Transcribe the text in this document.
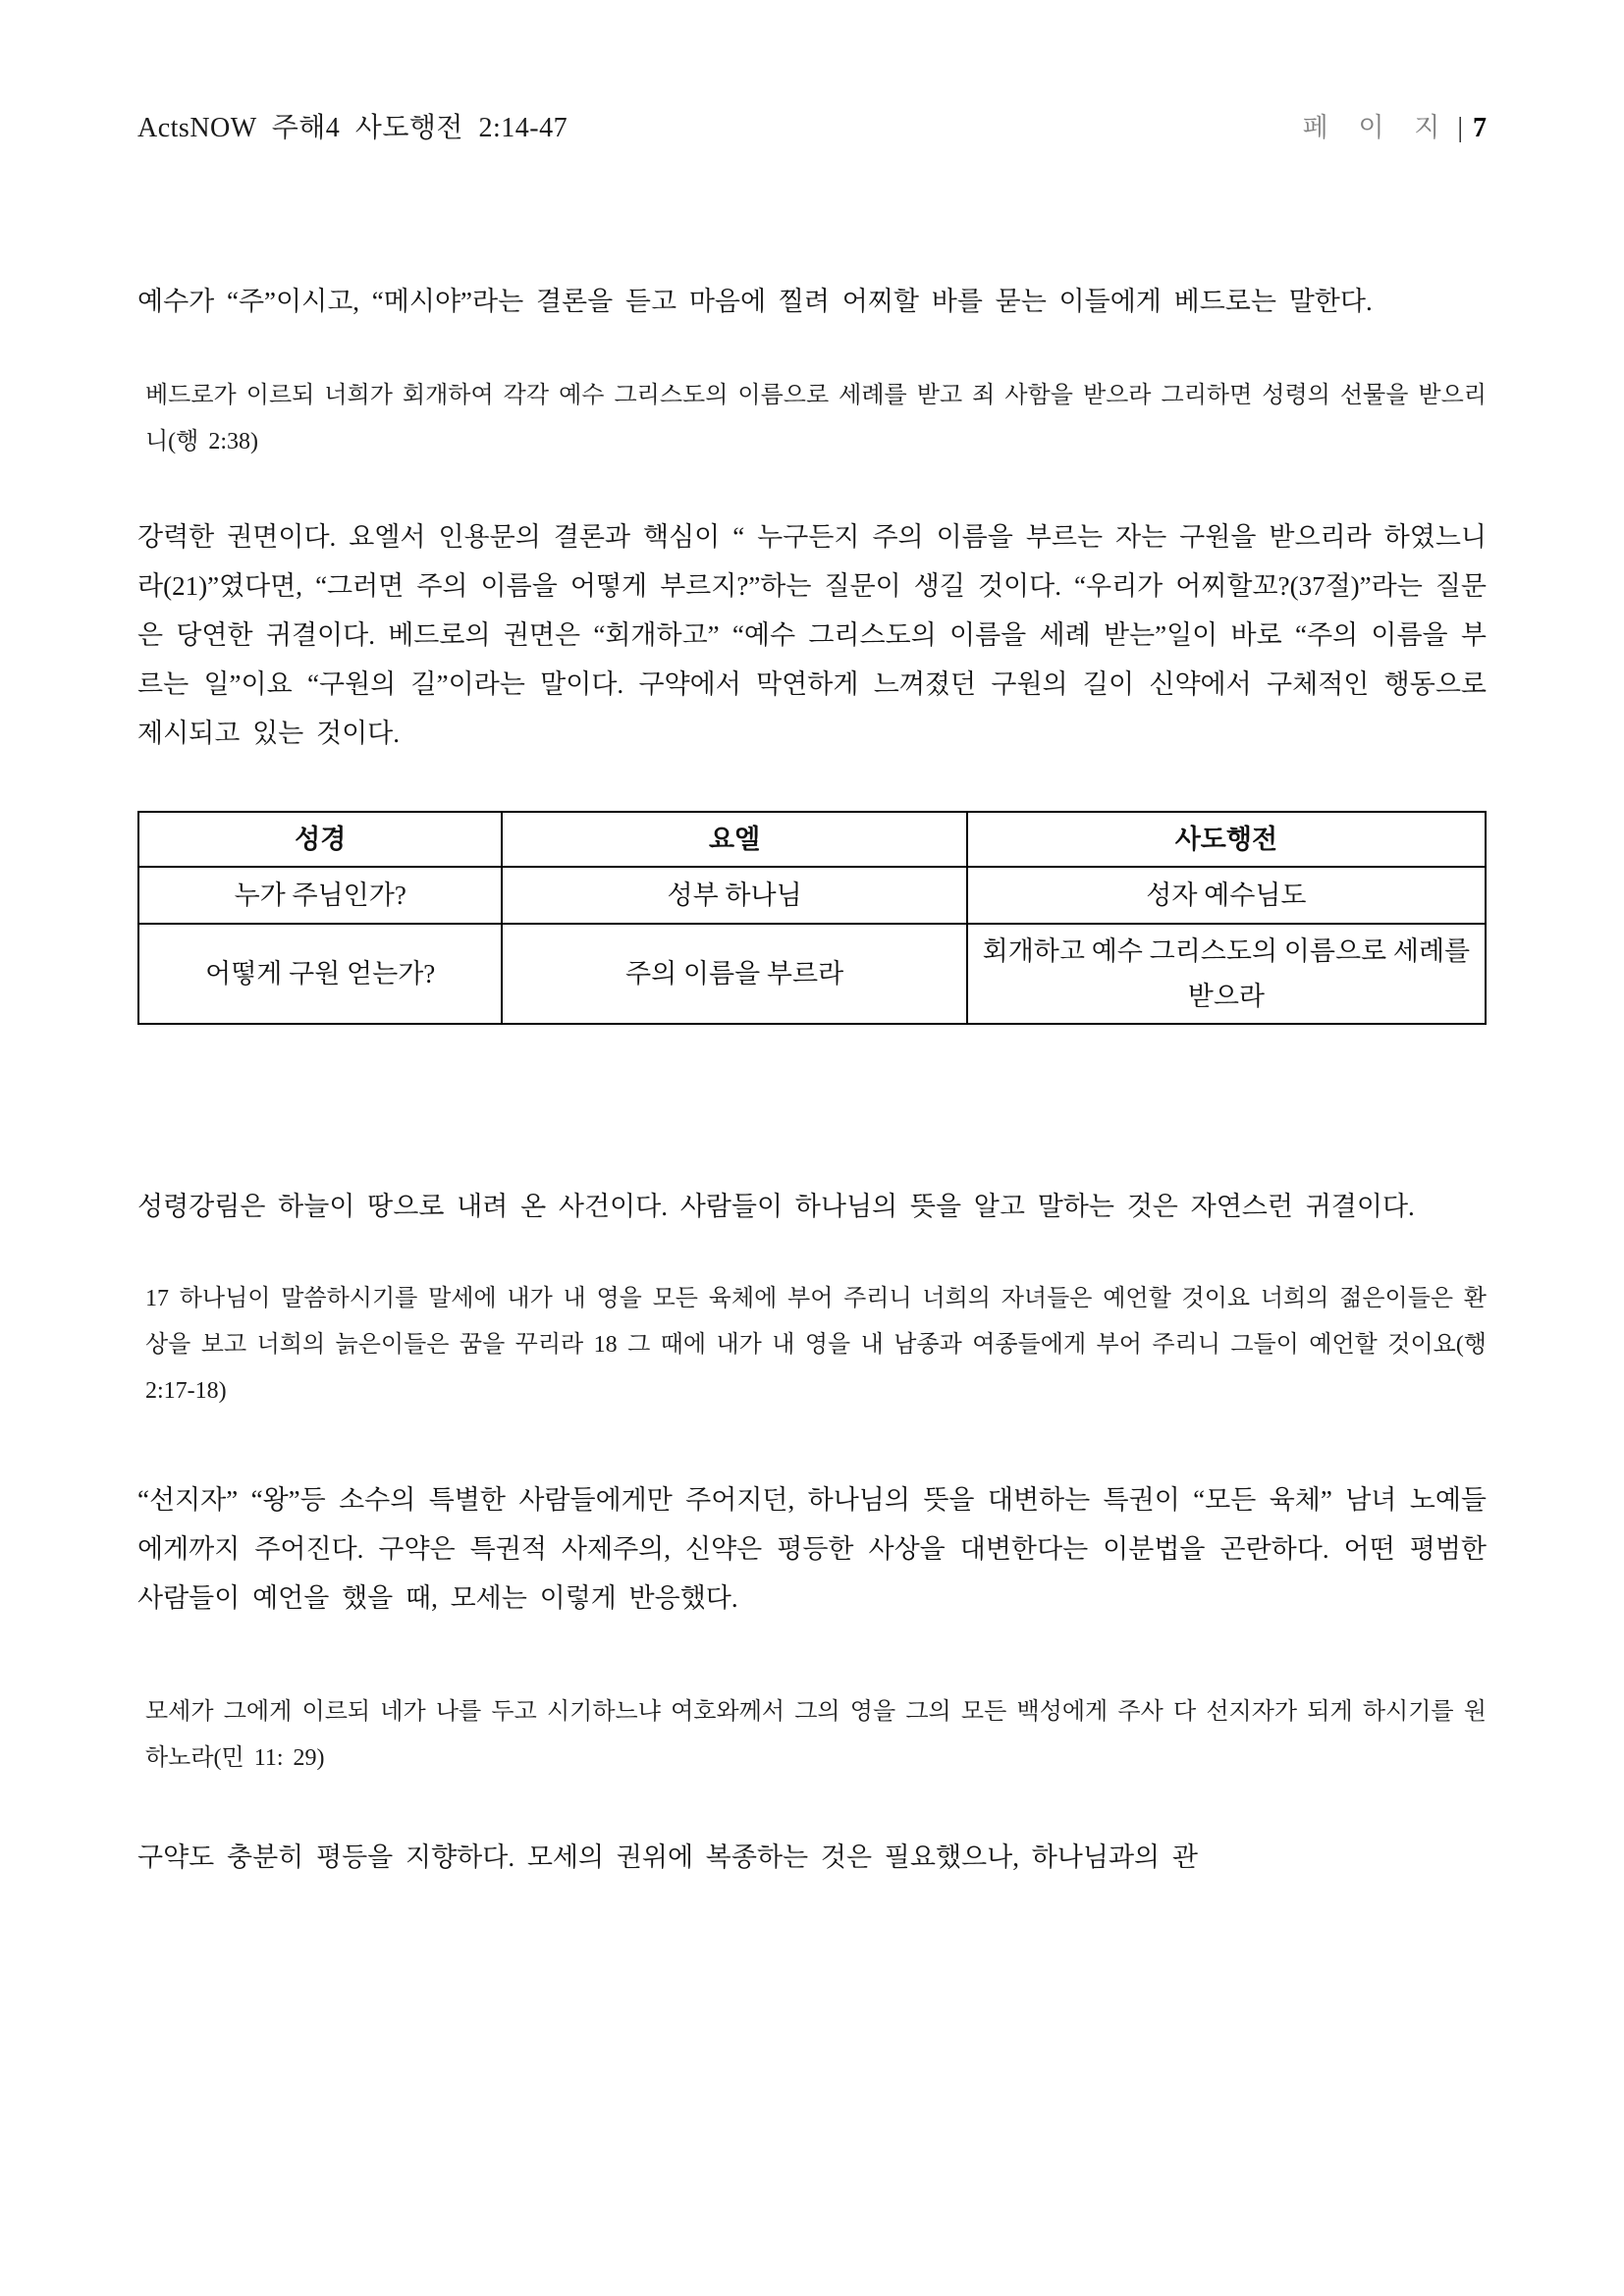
ActsNOW 주해4 사도행전 2:14-47	페 이 지 | 7

예수가 “주”이시고, “메시야”라는 결론을 듣고 마음에 찔려 어찌할 바를 묻는 이들에게 베드로는 말한다.

베드로가 이르되 너희가 회개하여 각각 예수 그리스도의 이름으로 세례를 받고 죄 사함을 받으라 그리하면 성령의 선물을 받으리니(행 2:38)

강력한 권면이다. 요엘서 인용문의 결론과 핵심이 “ 누구든지 주의 이름을 부르는 자는 구원을 받으리라 하였느니라(21)”였다면, “그러면 주의 이름을 어떻게 부르지?”하는 질문이 생길 것이다. “우리가 어찌할꼬?(37절)”라는 질문은 당연한 귀결이다. 베드로의 권면은 “회개하고” “예수 그리스도의 이름을 세례 받는”일이 바로 “주의 이름을 부르는 일”이요 “구원의 길”이라는 말이다. 구약에서 막연하게 느껴졌던 구원의 길이 신약에서 구체적인 행동으로 제시되고 있는 것이다.

성경	요엘	사도행전
누가 주님인가?	성부 하나님	성자 예수님도
어떻게 구원 얻는가?	주의 이름을 부르라	회개하고 예수 그리스도의 이름으로 세례를 받으라

성령강림은 하늘이 땅으로 내려 온 사건이다. 사람들이 하나님의 뜻을 알고 말하는 것은 자연스런 귀결이다.

17 하나님이 말씀하시기를 말세에 내가 내 영을 모든 육체에 부어 주리니 너희의 자녀들은 예언할 것이요 너희의 젊은이들은 환상을 보고 너희의 늙은이들은 꿈을 꾸리라 18 그 때에 내가 내 영을 내 남종과 여종들에게 부어 주리니 그들이 예언할 것이요(행 2:17-18)

“선지자” “왕”등 소수의 특별한 사람들에게만 주어지던, 하나님의 뜻을 대변하는 특권이 “모든 육체” 남녀 노예들에게까지 주어진다. 구약은 특권적 사제주의, 신약은 평등한 사상을 대변한다는 이분법을 곤란하다. 어떤 평범한 사람들이 예언을 했을 때, 모세는 이렇게 반응했다.

모세가 그에게 이르되 네가 나를 두고 시기하느냐 여호와께서 그의 영을 그의 모든 백성에게 주사 다 선지자가 되게 하시기를 원하노라(민 11: 29)

구약도 충분히 평등을 지향하다. 모세의 권위에 복종하는 것은 필요했으나, 하나님과의 관
